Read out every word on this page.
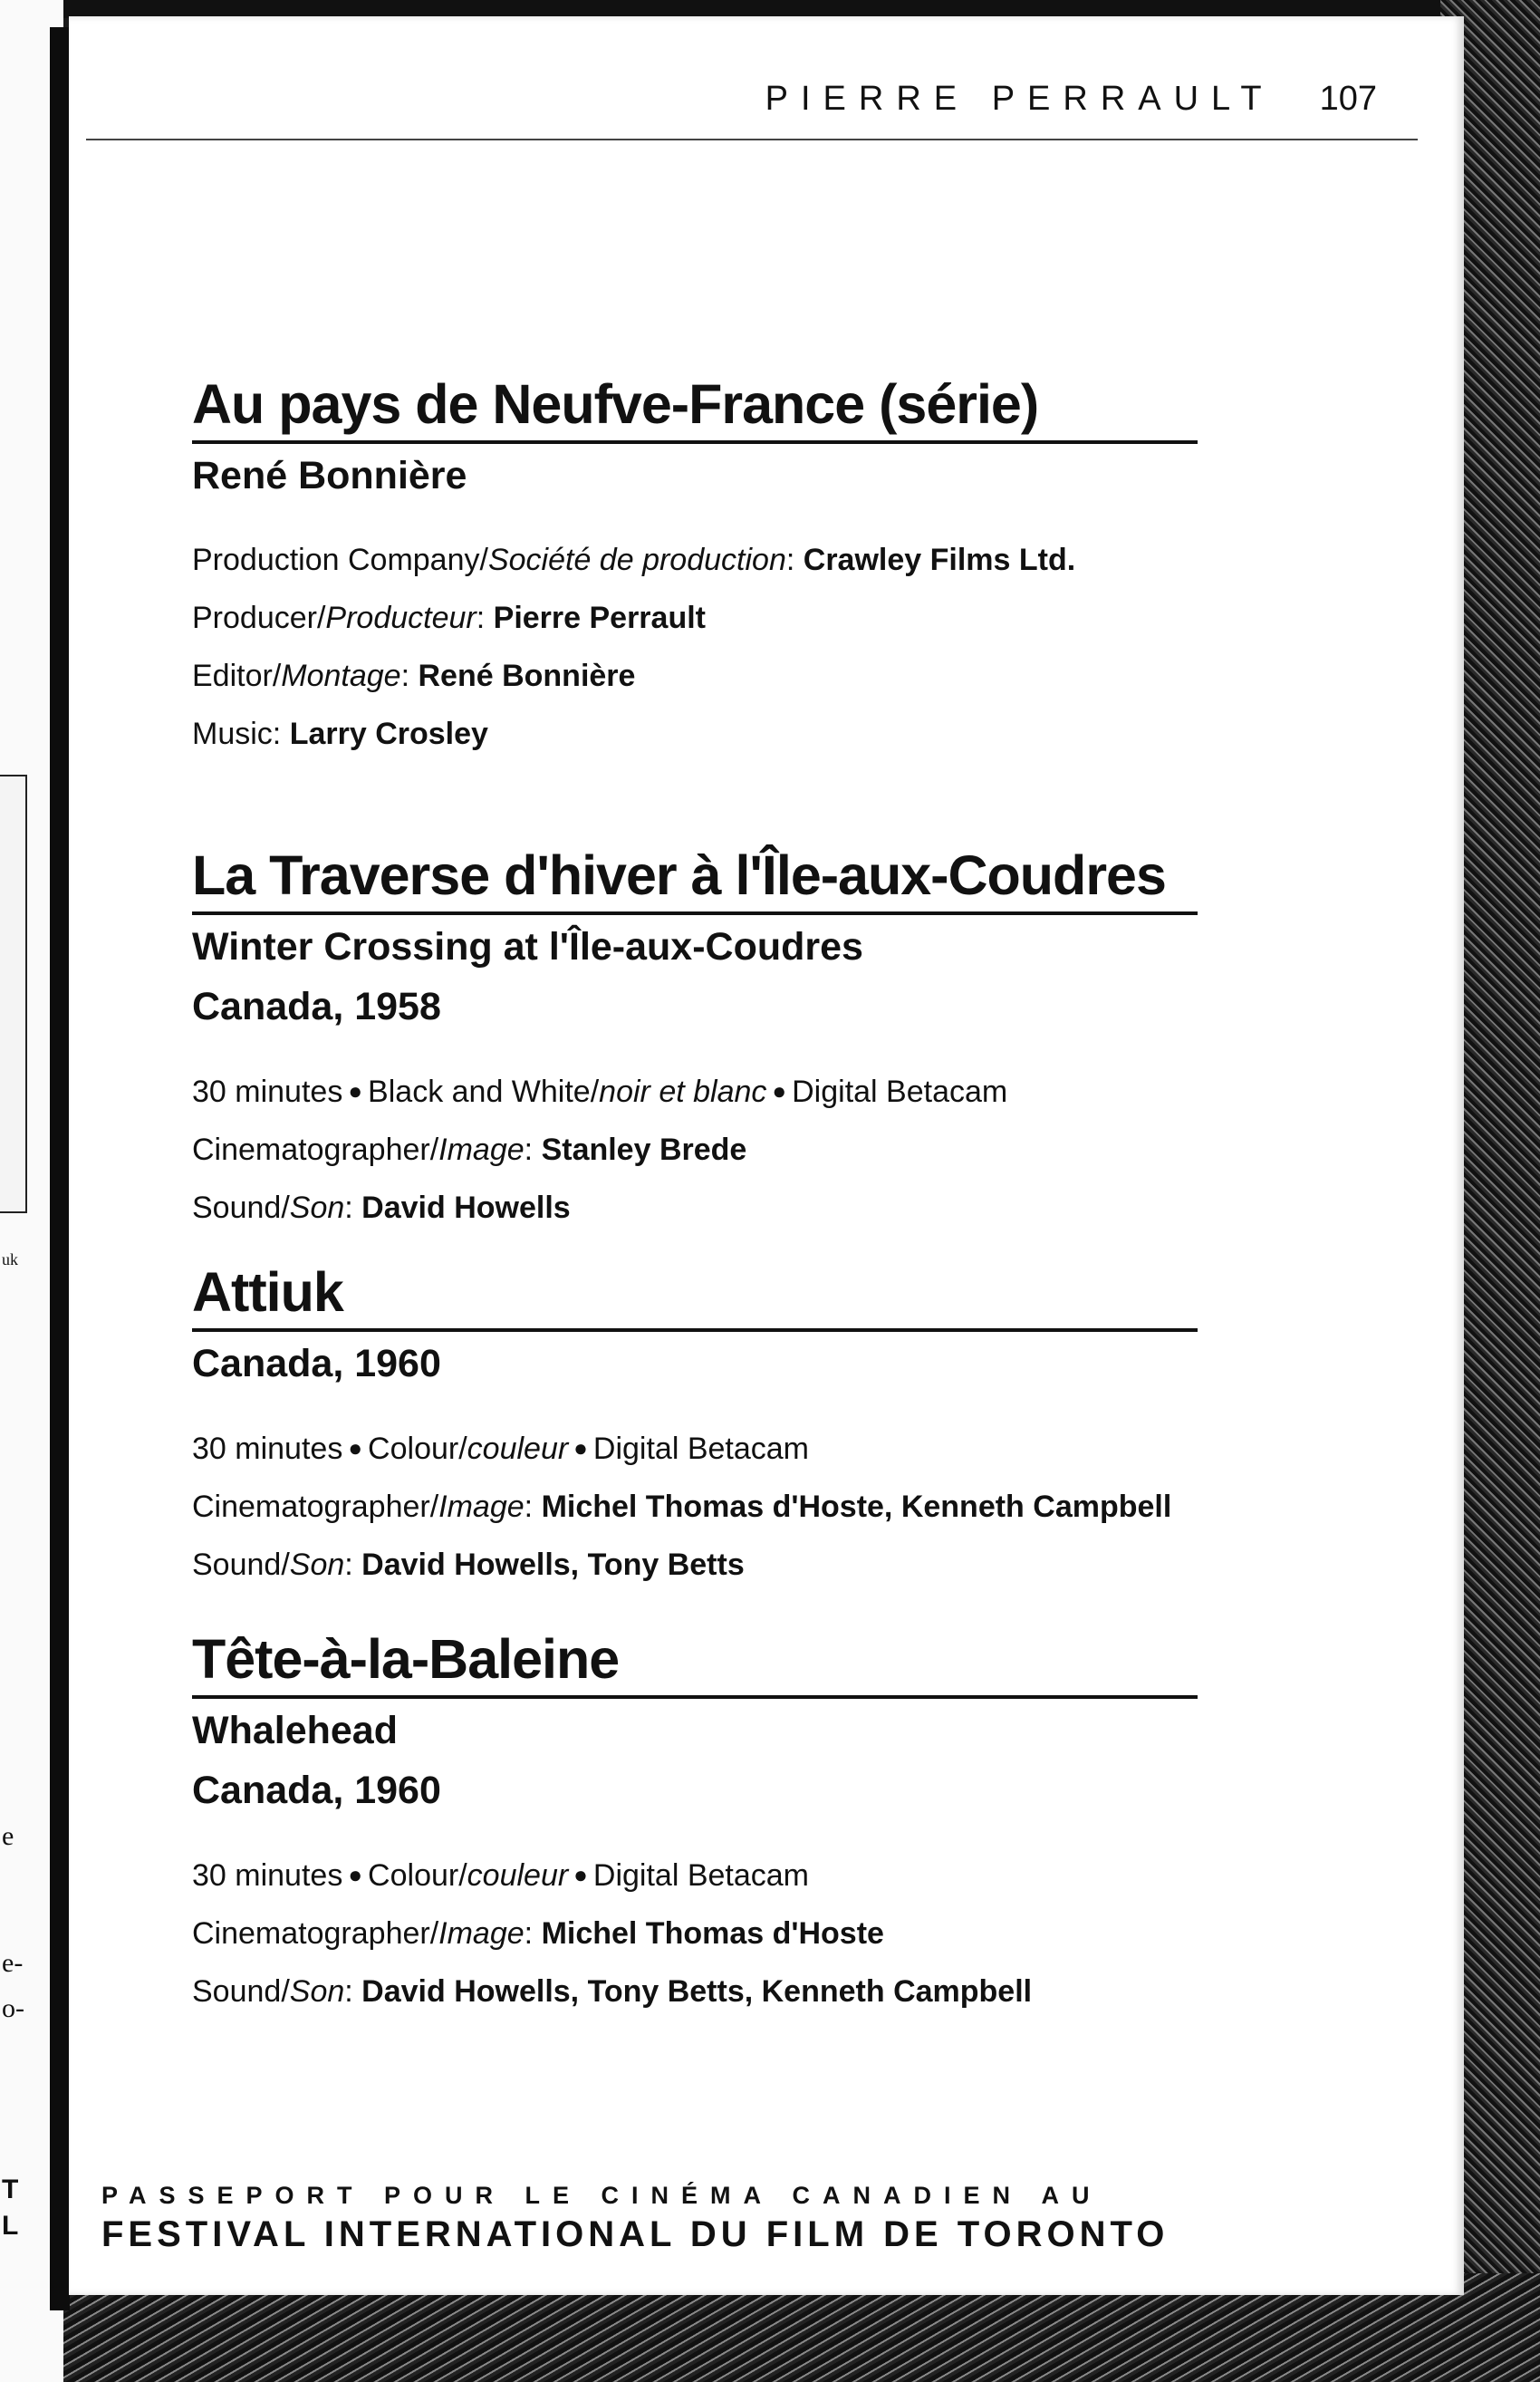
uk
e
e-
o-
T
L
PIERRE PERRAULT 107
Au pays de Neufve-France (série)
René Bonnière
Production Company/Société de production: Crawley Films Ltd.
Producer/Producteur: Pierre Perrault
Editor/Montage: René Bonnière
Music: Larry Crosley
La Traverse d'hiver à l'Île-aux-Coudres
Winter Crossing at l'Île-aux-Coudres
Canada, 1958
30 minutes ● Black and White/noir et blanc ● Digital Betacam
Cinematographer/Image: Stanley Brede
Sound/Son: David Howells
Attiuk
Canada, 1960
30 minutes ● Colour/couleur ● Digital Betacam
Cinematographer/Image: Michel Thomas d'Hoste, Kenneth Campbell
Sound/Son: David Howells, Tony Betts
Tête-à-la-Baleine
Whalehead
Canada, 1960
30 minutes ● Colour/couleur ● Digital Betacam
Cinematographer/Image: Michel Thomas d'Hoste
Sound/Son: David Howells, Tony Betts, Kenneth Campbell
PASSEPORT POUR LE CINÉMA CANADIEN AU
FESTIVAL INTERNATIONAL DU FILM DE TORONTO
